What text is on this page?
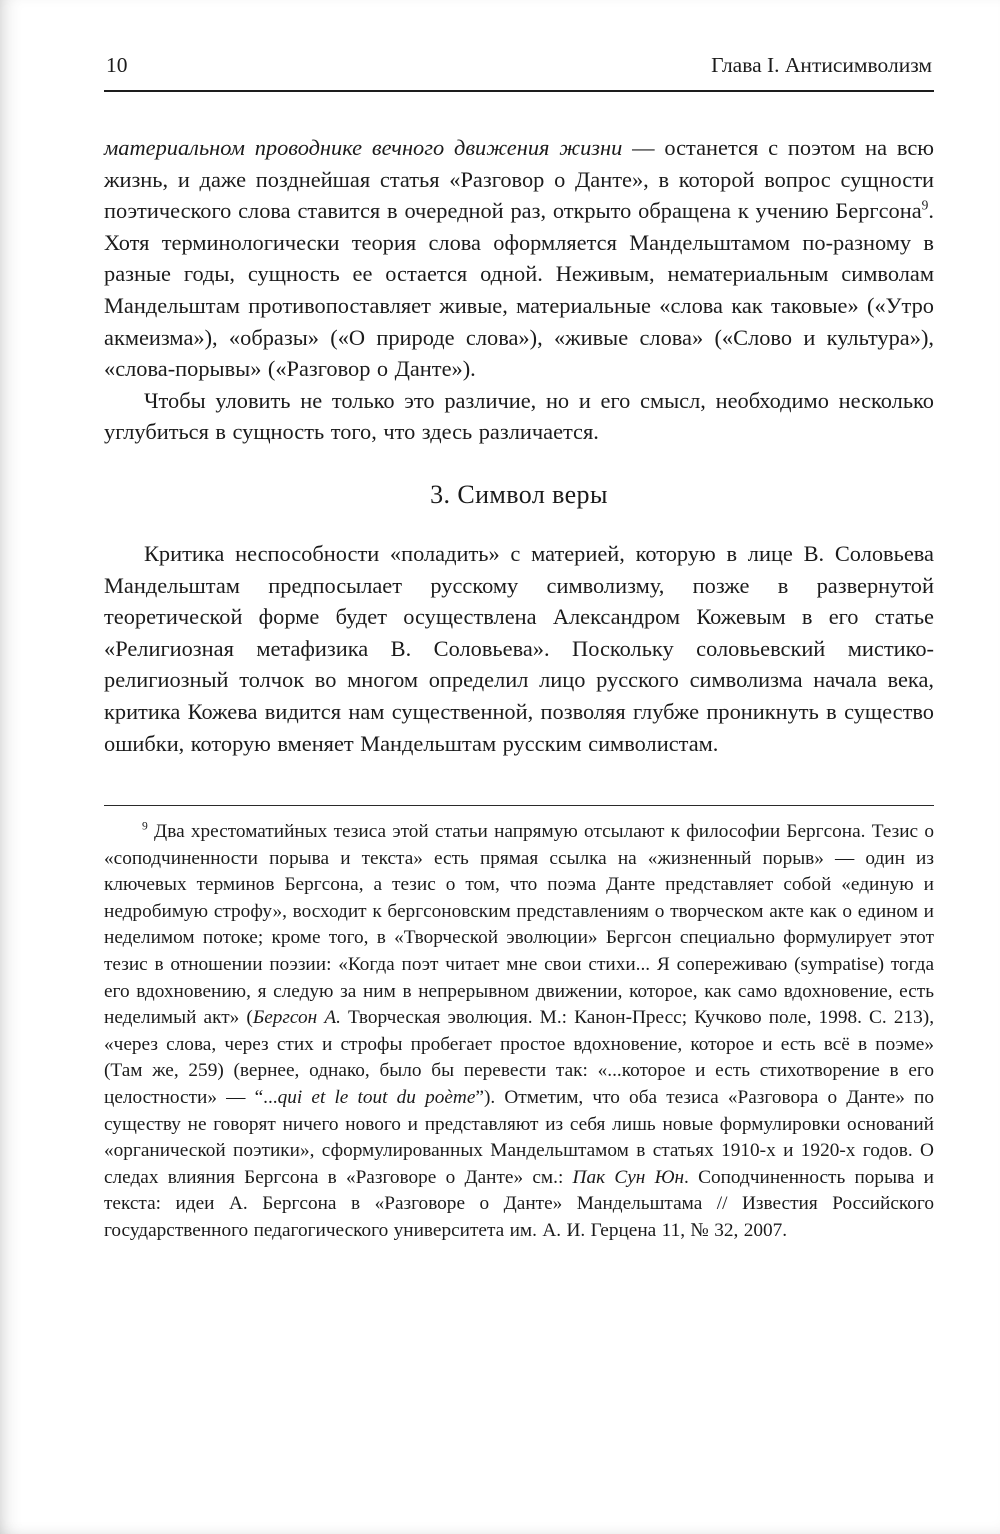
10	Глава I. Антисимволизм

материальном проводнике вечного движения жизни — останется с поэтом на всю жизнь, и даже позднейшая статья «Разговор о Данте», в которой вопрос сущности поэтического слова ставится в очередной раз, открыто обращена к учению Бергсона$^9$. Хотя терминологически теория слова оформляется Мандельштамом по-разному в разные годы, сущность ее остается одной. Неживым, нематериальным символам Мандельштам противопоставляет живые, материальные «слова как таковые» («Утро акмеизма»), «образы» («О природе слова»), «живые слова» («Слово и культура»), «слова-порывы» («Разговор о Данте»).

Чтобы уловить не только это различие, но и его смысл, необходимо несколько углубиться в сущность того, что здесь различается.

3. Символ веры

Критика неспособности «поладить» с материей, которую в лице В. Соловьева Мандельштам предпосылает русскому символизму, позже в развернутой теоретической форме будет осуществлена Александром Кожевым в его статье «Религиозная метафизика В. Соловьева». Поскольку соловьевский мистико-религиозный толчок во многом определил лицо русского символизма начала века, критика Кожева видится нам существенной, позволяя глубже проникнуть в существо ошибки, которую вменяет Мандельштам русским символистам.

$^9$ Два хрестоматийных тезиса этой статьи напрямую отсылают к философии Бергсона. Тезис о «соподчиненности порыва и текста» есть прямая ссылка на «жизненный порыв» — один из ключевых терминов Бергсона, а тезис о том, что поэма Данте представляет собой «единую и недробимую строфу», восходит к бергсоновским представлениям о творческом акте как о едином и неделимом потоке; кроме того, в «Творческой эволюции» Бергсон специально формулирует этот тезис в отношении поэзии: «Когда поэт читает мне свои стихи... Я сопереживаю (sympatise) тогда его вдохновению, я следую за ним в непрерывном движении, которое, как само вдохновение, есть неделимый акт» (Бергсон А. Творческая эволюция. М.: Канон-Пресс; Кучково поле, 1998. С. 213), «через слова, через стих и строфы пробегает простое вдохновение, которое и есть всё в поэме» (Там же, 259) (вернее, однако, было бы перевести так: «...которое и есть стихотворение в его целостности» — “...qui et le tout du poème”). Отметим, что оба тезиса «Разговора о Данте» по существу не говорят ничего нового и представляют из себя лишь новые формулировки оснований «органической поэтики», сформулированных Мандельштамом в статьях 1910-х и 1920-х годов. О следах влияния Бергсона в «Разговоре о Данте» см.: Пак Сун Юн. Соподчиненность порыва и текста: идеи А. Бергсона в «Разговоре о Данте» Мандельштама // Известия Российского государственного педагогического университета им. А. И. Герцена 11, № 32, 2007.
